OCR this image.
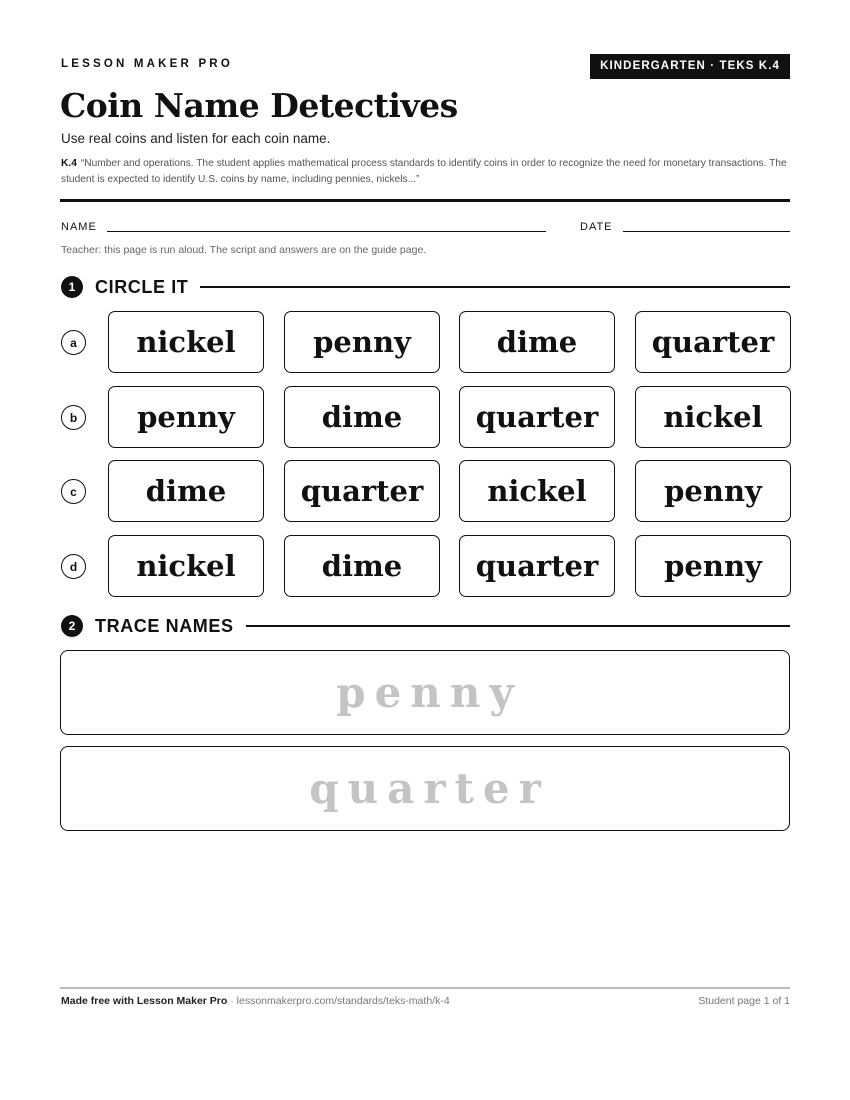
LESSON MAKER PRO	KINDERGARTEN · TEKS K.4
Coin Name Detectives
Use real coins and listen for each coin name.
K.4 “Number and operations. The student applies mathematical process standards to identify coins in order to recognize the need for monetary transactions. The student is expected to identify U.S. coins by name, including pennies, nickels...”
NAME	DATE
Teacher: this page is run aloud. The script and answers are on the guide page.
1	CIRCLE IT
a	nickel	penny	dime	quarter
b	penny	dime	quarter	nickel
c	dime	quarter	nickel	penny
d	nickel	dime	quarter	penny
2	TRACE NAMES
penny
quarter
Made free with Lesson Maker Pro · lessonmakerpro.com/standards/teks-math/k-4	Student page 1 of 1
